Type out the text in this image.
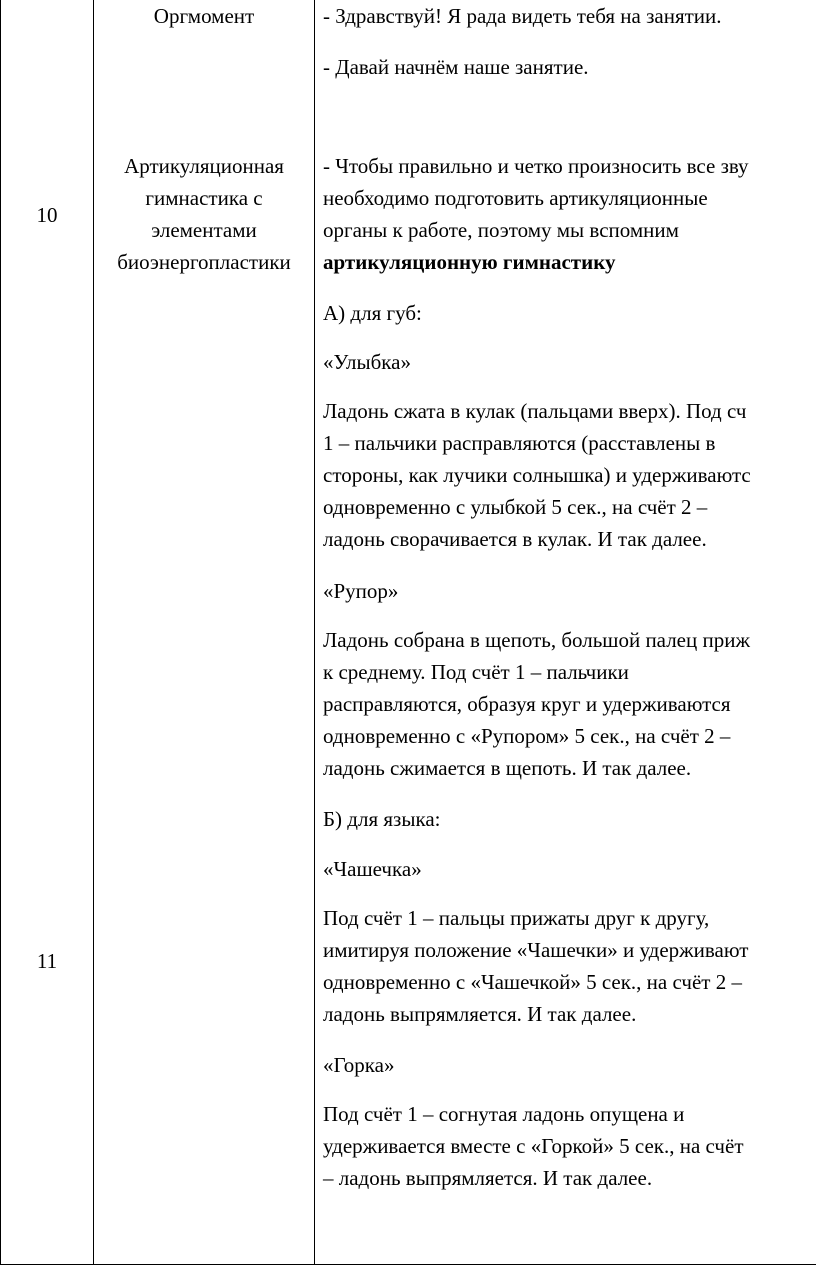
10
11
Оргмомент
Артикуляционная
гимнастика с
элементами
биоэнергопластики
- Здравствуй! Я рада видеть тебя на занятии.
- Давай начнём наше занятие.
- Чтобы правильно и четко произносить все зву
необходимо подготовить артикуляционные
органы к работе, поэтому мы вспомним
артикуляционную гимнастику
А) для губ:
«Улыбка»
Ладонь сжата в кулак (пальцами вверх). Под сч
1 – пальчики расправляются (расставлены в
стороны, как лучики солнышка) и удерживаютс
одновременно с улыбкой 5 сек., на счёт 2 –
ладонь сворачивается в кулак. И так далее.
«Рупор»
Ладонь собрана в щепоть, большой палец приж
к среднему. Под счёт 1 – пальчики
расправляются, образуя круг и удерживаются
одновременно с «Рупором» 5 сек., на счёт 2 –
ладонь сжимается в щепоть. И так далее.
Б) для языка:
«Чашечка»
Под счёт 1 – пальцы прижаты друг к другу,
имитируя положение «Чашечки» и удерживают
одновременно с «Чашечкой» 5 сек., на счёт 2 –
ладонь выпрямляется. И так далее.
«Горка»
Под счёт 1 – согнутая ладонь опущена и
удерживается вместе с «Горкой» 5 сек., на счёт
– ладонь выпрямляется. И так далее.
